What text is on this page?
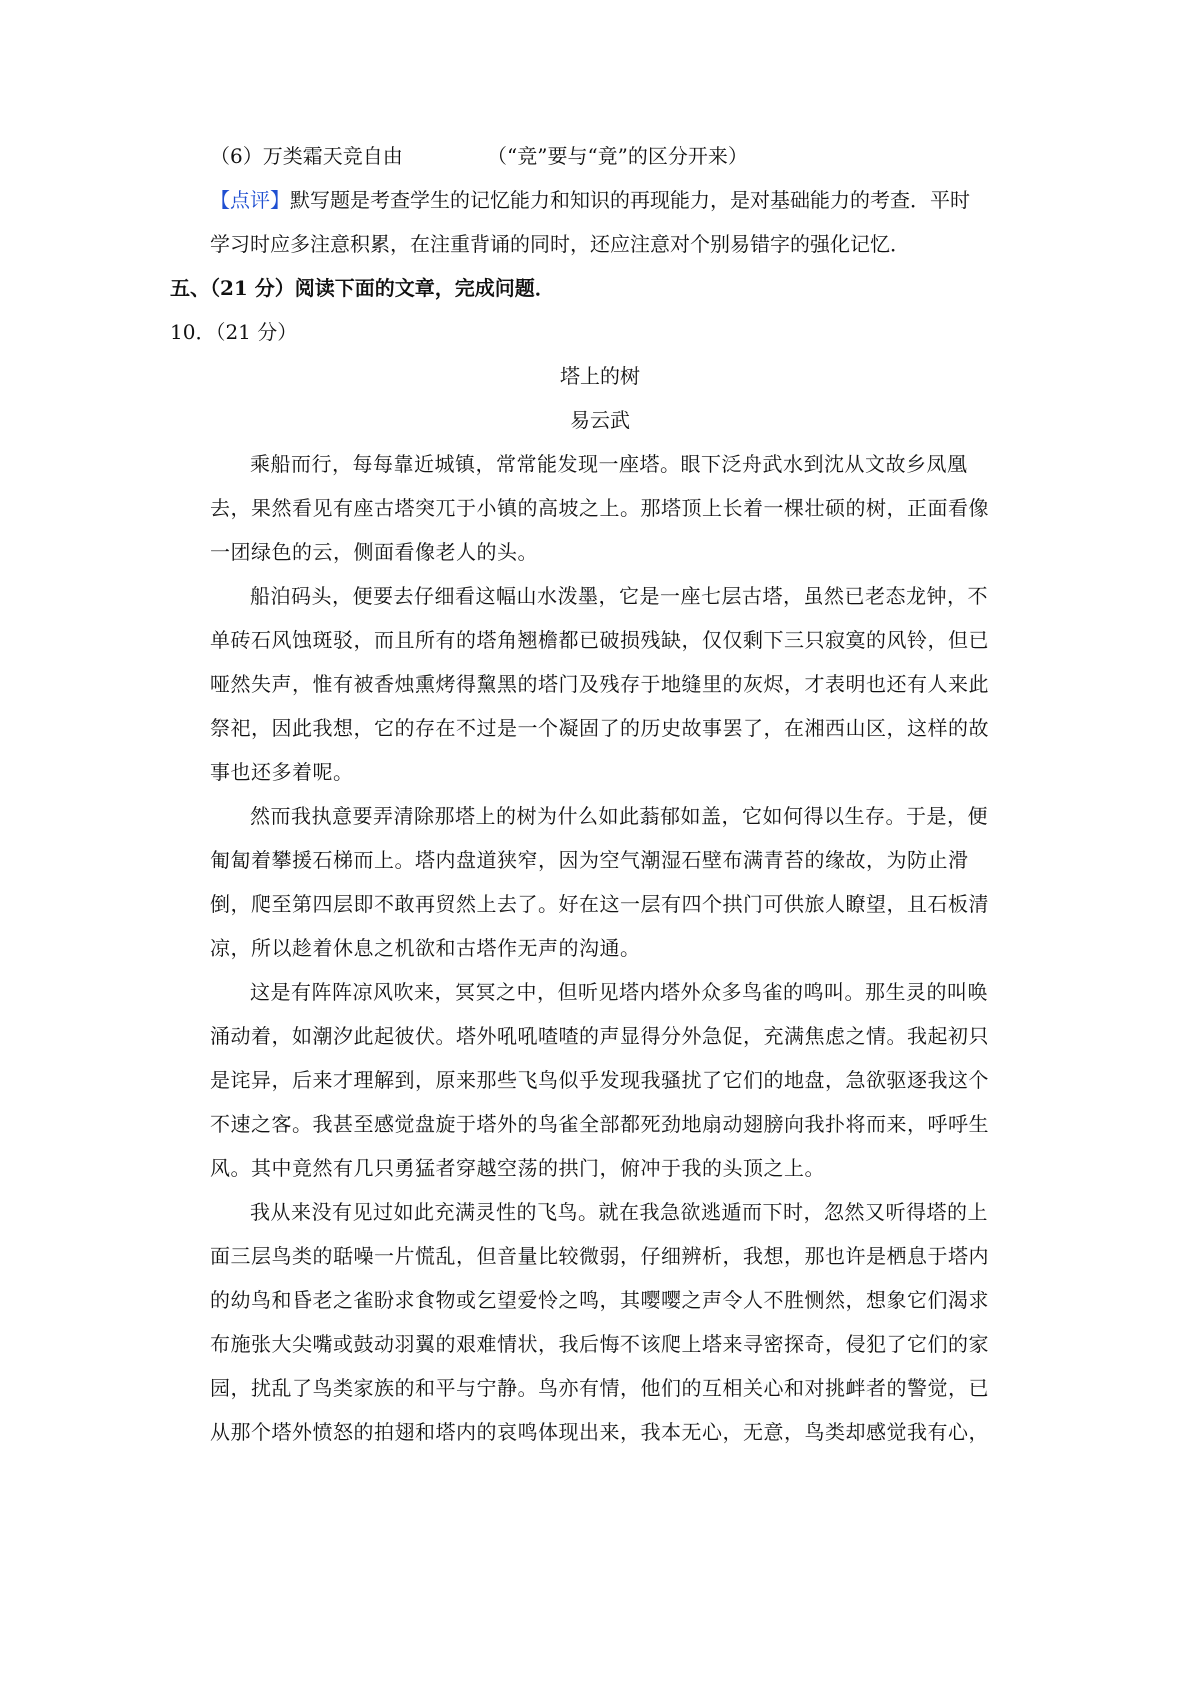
（6）万类霜天竞自由	（“竞”要与“竟”的区分开来）
【点评】默写题是考查学生的记忆能力和知识的再现能力，是对基础能力的考查．平时
学习时应多注意积累，在注重背诵的同时，还应注意对个别易错字的强化记忆．
五、（21 分）阅读下面的文章，完成问题．
10．（21 分）
塔上的树
易云武
乘船而行，每每靠近城镇，常常能发现一座塔。眼下泛舟武水到沈从文故乡凤凰
去，果然看见有座古塔突兀于小镇的高坡之上。那塔顶上长着一棵壮硕的树，正面看像
一团绿色的云，侧面看像老人的头。
船泊码头，便要去仔细看这幅山水泼墨，它是一座七层古塔，虽然已老态龙钟，不
单砖石风蚀斑驳，而且所有的塔角翘檐都已破损残缺，仅仅剩下三只寂寞的风铃，但已
哑然失声，惟有被香烛熏烤得黧黑的塔门及残存于地缝里的灰烬，才表明也还有人来此
祭祀，因此我想，它的存在不过是一个凝固了的历史故事罢了，在湘西山区，这样的故
事也还多着呢。
然而我执意要弄清除那塔上的树为什么如此蓊郁如盖，它如何得以生存。于是，便
匍匐着攀援石梯而上。塔内盘道狭窄，因为空气潮湿石壁布满青苔的缘故，为防止滑
倒，爬至第四层即不敢再贸然上去了。好在这一层有四个拱门可供旅人瞭望，且石板清
凉，所以趁着休息之机欲和古塔作无声的沟通。
这是有阵阵凉风吹来，冥冥之中，但听见塔内塔外众多鸟雀的鸣叫。那生灵的叫唤
涌动着，如潮汐此起彼伏。塔外吼吼喳喳的声显得分外急促，充满焦虑之情。我起初只
是诧异，后来才理解到，原来那些飞鸟似乎发现我骚扰了它们的地盘，急欲驱逐我这个
不速之客。我甚至感觉盘旋于塔外的鸟雀全部都死劲地扇动翅膀向我扑将而来，呼呼生
风。其中竟然有几只勇猛者穿越空荡的拱门，俯冲于我的头顶之上。
我从来没有见过如此充满灵性的飞鸟。就在我急欲逃遁而下时，忽然又听得塔的上
面三层鸟类的聒噪一片慌乱，但音量比较微弱，仔细辨析，我想，那也许是栖息于塔内
的幼鸟和昏老之雀盼求食物或乞望爱怜之鸣，其嘤嘤之声令人不胜恻然，想象它们渴求
布施张大尖嘴或鼓动羽翼的艰难情状，我后悔不该爬上塔来寻密探奇，侵犯了它们的家
园，扰乱了鸟类家族的和平与宁静。鸟亦有情，他们的互相关心和对挑衅者的警觉，已
从那个塔外愤怒的拍翅和塔内的哀鸣体现出来，我本无心，无意，鸟类却感觉我有心，
